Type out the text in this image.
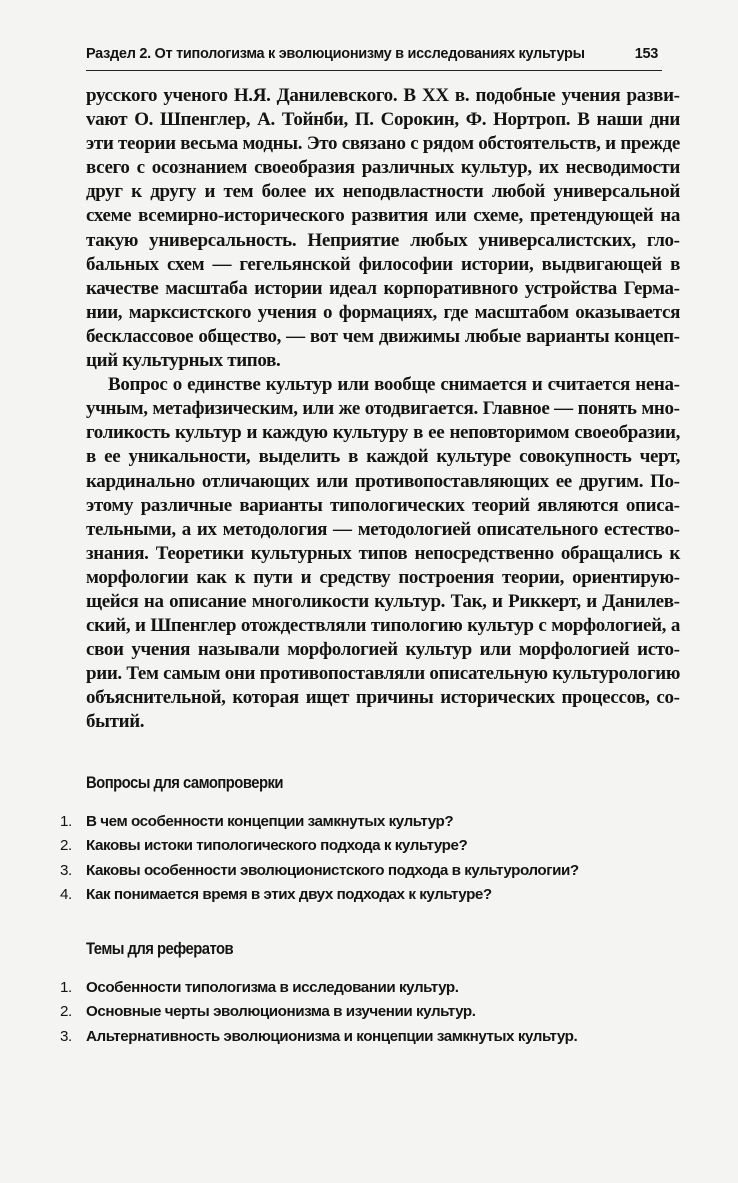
Раздел 2. От типологизма к эволюционизму в исследованиях культуры	153

русского ученого Н.Я. Данилевского. В XX в. подобные учения развиvают О. Шпенглер, А. Тойнби, П. Сорокин, Ф. Нортроп. В наши дни эти теории весьма модны. Это связано с рядом обстоятельств, и прежде всего с осознанием своеобразия различных культур, их несводимости друг к другу и тем более их неподвластности любой универсальной схеме всемирно-исторического развития или схеме, претендующей на такую универсальность. Неприятие любых универсалистских, глобальных схем — гегельянской философии истории, выдвигающей в качестве масштаба истории идеал корпоративного устройства Германии, марксистского учения о формациях, где масштабом оказывается бесклассовое общество, — вот чем движимы любые варианты концепций культурных типов.

Вопрос о единстве культур или вообще снимается и считается ненаучным, метафизическим, или же отодвигается. Главное — понять многоликость культур и каждую культуру в ее неповторимом своеобразии, в ее уникальности, выделить в каждой культуре совокупность черт, кардинально отличающих или противопоставляющих ее другим. Поэтому различные варианты типологических теорий являются описательными, а их методология — методологией описательного естествознания. Теоретики культурных типов непосредственно обращались к морфологии как к пути и средству построения теории, ориентирующейся на описание многоликости культур. Так, и Риккерт, и Данилевский, и Шпенглер отождествляли типологию культур с морфологией, а свои учения называли морфологией культур или морфологией истории. Тем самым они противопоставляли описательную культурологию объяснительной, которая ищет причины исторических процессов, событий.

Вопросы для самопроверки
1. В чем особенности концепции замкнутых культур?
2. Каковы истоки типологического подхода к культуре?
3. Каковы особенности эволюционистского подхода в культурологии?
4. Как понимается время в этих двух подходах к культуре?
Темы для рефератов
1. Особенности типологизма в исследовании культур.
2. Основные черты эволюционизма в изучении культур.
3. Альтернативность эволюционизма и концепции замкнутых культур.
